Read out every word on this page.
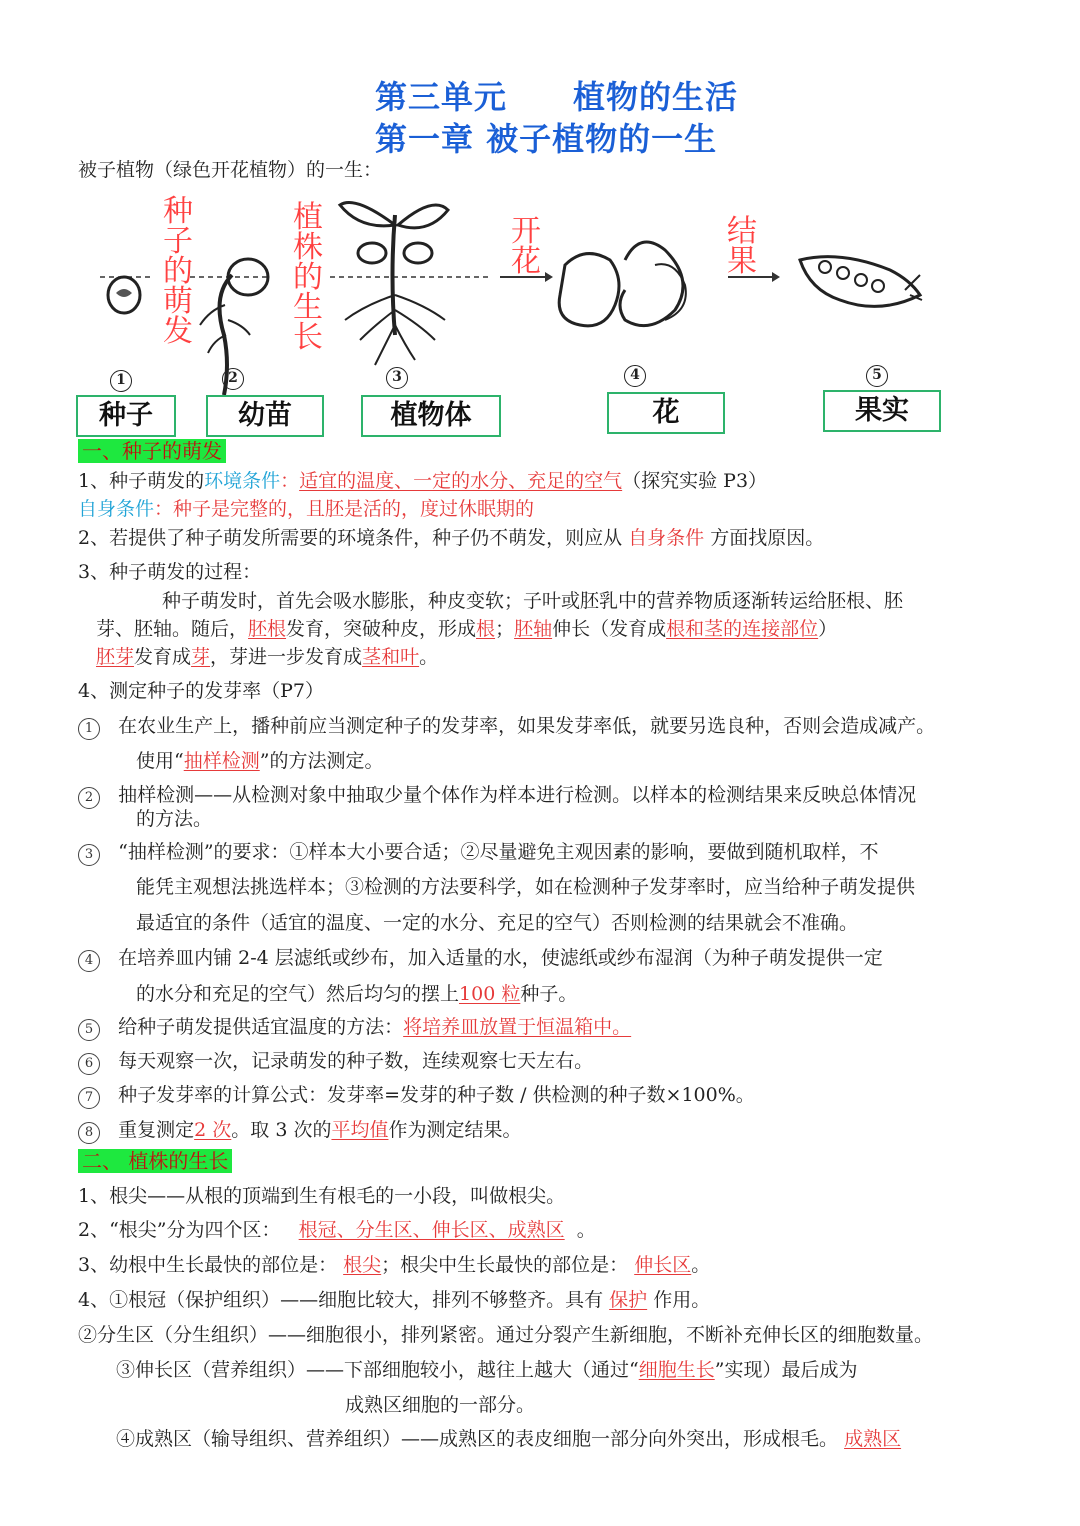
第三单元　　植物的生活
第一章 被子植物的一生
被子植物（绿色开花植物）的一生：
种子的萌发
植株的生长
开花
结果
1	2	3	4	5
种子	幼苗	植物体	花	果实
一、种子的萌发
1、种子萌发的环境条件：适宜的温度、一定的水分、充足的空气（探究实验 P3）
自身条件：种子是完整的，且胚是活的，度过休眠期的
2、若提供了种子萌发所需要的环境条件，种子仍不萌发，则应从 自身条件 方面找原因。
3、种子萌发的过程：
种子萌发时，首先会吸水膨胀，种皮变软；子叶或胚乳中的营养物质逐渐转运给胚根、胚
芽、胚轴。随后，胚根发育，突破种皮，形成根；胚轴伸长（发育成根和茎的连接部位）
胚芽发育成芽，芽进一步发育成茎和叶。
4、测定种子的发芽率（P7）
1 在农业生产上，播种前应当测定种子的发芽率，如果发芽率低，就要另选良种，否则会造成减产。
使用“抽样检测”的方法测定。
2 抽样检测——从检测对象中抽取少量个体作为样本进行检测。以样本的检测结果来反映总体情况
的方法。
3 “抽样检测”的要求：①样本大小要合适；②尽量避免主观因素的影响，要做到随机取样，不
能凭主观想法挑选样本；③检测的方法要科学，如在检测种子发芽率时，应当给种子萌发提供
最适宜的条件（适宜的温度、一定的水分、充足的空气）否则检测的结果就会不准确。
4 在培养皿内铺 2-4 层滤纸或纱布，加入适量的水，使滤纸或纱布湿润（为种子萌发提供一定
的水分和充足的空气）然后均匀的摆上100 粒种子。
5 给种子萌发提供适宜温度的方法：将培养皿放置于恒温箱中。
6 每天观察一次，记录萌发的种子数，连续观察七天左右。
7 种子发芽率的计算公式：发芽率=发芽的种子数 / 供检测的种子数×100%。
8 重复测定2 次。取 3 次的平均值作为测定结果。
二、 植株的生长
1、根尖——从根的顶端到生有根毛的一小段，叫做根尖。
2、“根尖”分为四个区： 根冠、分生区、伸长区、成熟区 。
3、幼根中生长最快的部位是： 根尖；根尖中生长最快的部位是： 伸长区。
4、①根冠（保护组织）——细胞比较大，排列不够整齐。具有 保护 作用。
②分生区（分生组织）——细胞很小，排列紧密。通过分裂产生新细胞，不断补充伸长区的细胞数量。
③伸长区（营养组织）——下部细胞较小，越往上越大（通过“细胞生长”实现）最后成为
成熟区细胞的一部分。
④成熟区（输导组织、营养组织）——成熟区的表皮细胞一部分向外突出，形成根毛。 成熟区
